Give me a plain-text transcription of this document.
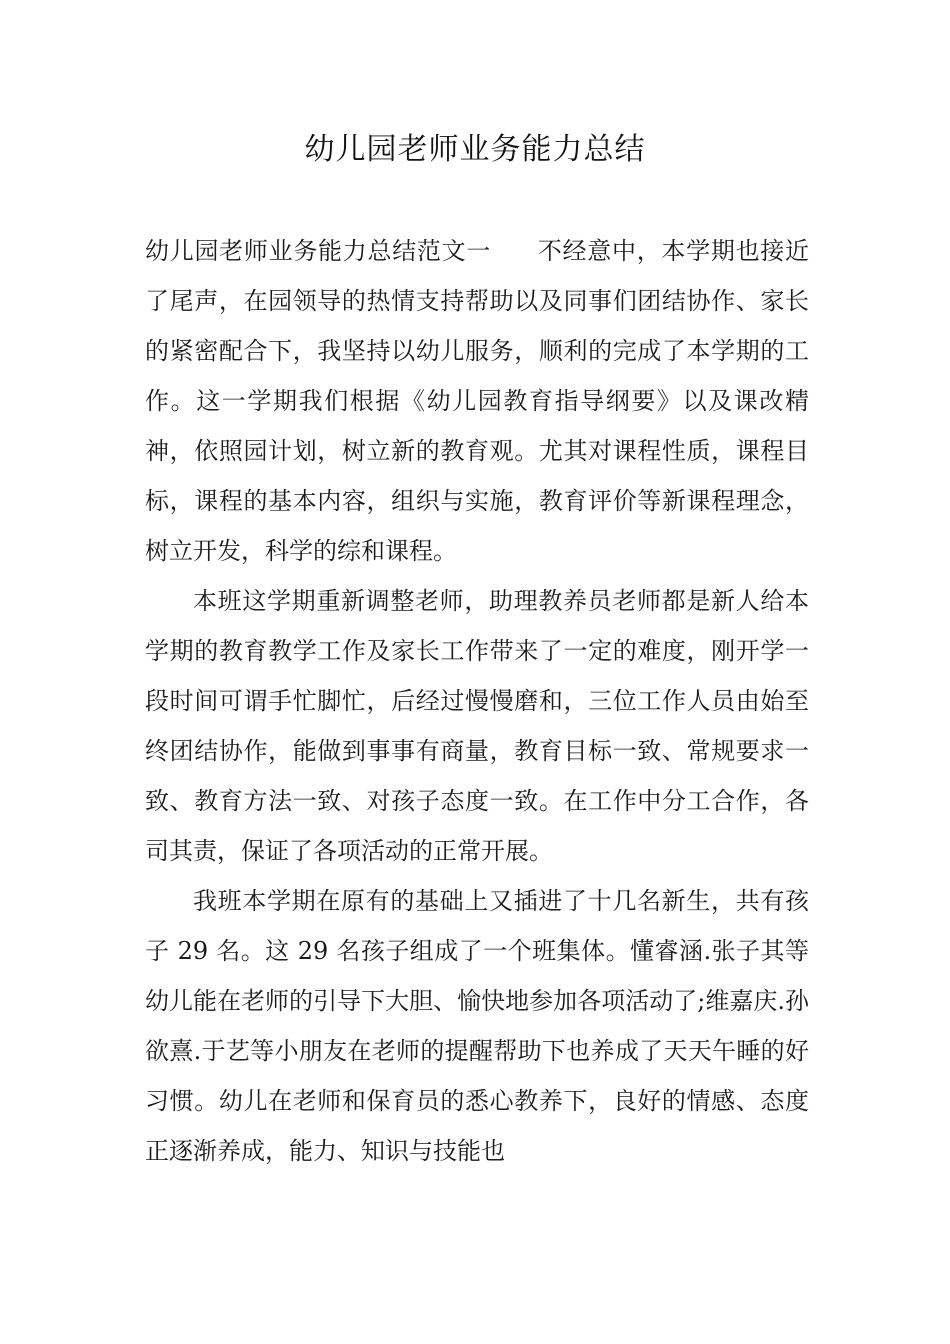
幼儿园老师业务能力总结

幼儿园老师业务能力总结范文一 不经意中，本学期也接近了尾声，在园领导的热情支持帮助以及同事们团结协作、家长的紧密配合下，我坚持以幼儿服务，顺利的完成了本学期的工作。这一学期我们根据《幼儿园教育指导纲要》以及课改精神，依照园计划，树立新的教育观。尤其对课程性质，课程目标，课程的基本内容，组织与实施，教育评价等新课程理念，树立开发，科学的综和课程。

本班这学期重新调整老师，助理教养员老师都是新人给本学期的教育教学工作及家长工作带来了一定的难度，刚开学一段时间可谓手忙脚忙，后经过慢慢磨和，三位工作人员由始至终团结协作，能做到事事有商量，教育目标一致、常规要求一致、教育方法一致、对孩子态度一致。在工作中分工合作，各司其责，保证了各项活动的正常开展。

我班本学期在原有的基础上又插进了十几名新生，共有孩子 29 名。这 29 名孩子组成了一个班集体。懂睿涵.张子其等幼儿能在老师的引导下大胆、愉快地参加各项活动了;维嘉庆.孙欲熹.于艺等小朋友在老师的提醒帮助下也养成了天天午睡的好习惯。幼儿在老师和保育员的悉心教养下，良好的情感、态度正逐渐养成，能力、知识与技能也
